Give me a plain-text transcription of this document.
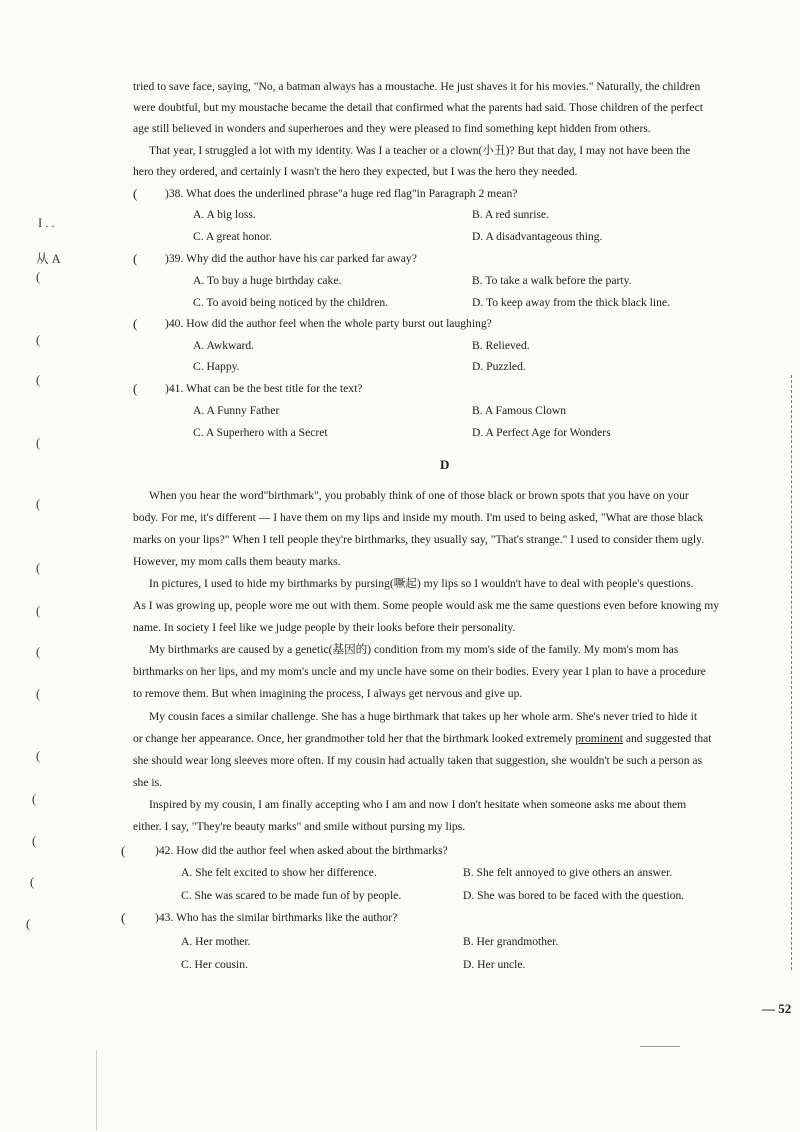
tried to save face, saying, "No, a batman always has a moustache. He just shaves it for his movies." Naturally, the children
were doubtful, but my moustache became the detail that confirmed what the parents had said. Those children of the perfect
age still believed in wonders and superheroes and they were pleased to find something kept hidden from others.
That year, I struggled a lot with my identity. Was I a teacher or a clown(小丑)? But that day, I may not have been the
hero they ordered, and certainly I wasn't the hero they expected, but I was the hero they needed.
( )38. What does the underlined phrase"a huge red flag"in Paragraph 2 mean?
A. A big loss.	B. A red sunrise.
C. A great honor.	D. A disadvantageous thing.
( )39. Why did the author have his car parked far away?
A. To buy a huge birthday cake.	B. To take a walk before the party.
C. To avoid being noticed by the children.	D. To keep away from the thick black line.
( )40. How did the author feel when the whole party burst out laughing?
A. Awkward.	B. Relieved.
C. Happy.	D. Puzzled.
( )41. What can be the best title for the text?
A. A Funny Father	B. A Famous Clown
C. A Superhero with a Secret	D. A Perfect Age for Wonders
D
When you hear the word"birthmark", you probably think of one of those black or brown spots that you have on your
body. For me, it's different — I have them on my lips and inside my mouth. I'm used to being asked, "What are those black
marks on your lips?" When I tell people they're birthmarks, they usually say, "That's strange." I used to consider them ugly.
However, my mom calls them beauty marks.
In pictures, I used to hide my birthmarks by pursing(噘起) my lips so I wouldn't have to deal with people's questions.
As I was growing up, people wore me out with them. Some people would ask me the same questions even before knowing my
name. In society I feel like we judge people by their looks before their personality.
My birthmarks are caused by a genetic(基因的) condition from my mom's side of the family. My mom's mom has
birthmarks on her lips, and my mom's uncle and my uncle have some on their bodies. Every year I plan to have a procedure
to remove them. But when imagining the process, I always get nervous and give up.
My cousin faces a similar challenge. She has a huge birthmark that takes up her whole arm. She's never tried to hide it
or change her appearance. Once, her grandmother told her that the birthmark looked extremely prominent and suggested that
she should wear long sleeves more often. If my cousin had actually taken that suggestion, she wouldn't be such a person as
she is.
Inspired by my cousin, I am finally accepting who I am and now I don't hesitate when someone asks me about them
either. I say, "They're beauty marks" and smile without pursing my lips.
(	)42. How did the author feel when asked about the birthmarks?
A. She felt excited to show her difference.	B. She felt annoyed to give others an answer.
C. She was scared to be made fun of by people.	D. She was bored to be faced with the question.
(	)43. Who has the similar birthmarks like the author?
A. Her mother.	B. Her grandmother.
C. Her cousin.	D. Her uncle.
I . .
从 A
(
(
(
(
(
(
(
(
(
(
(
(
(
(
— 52
